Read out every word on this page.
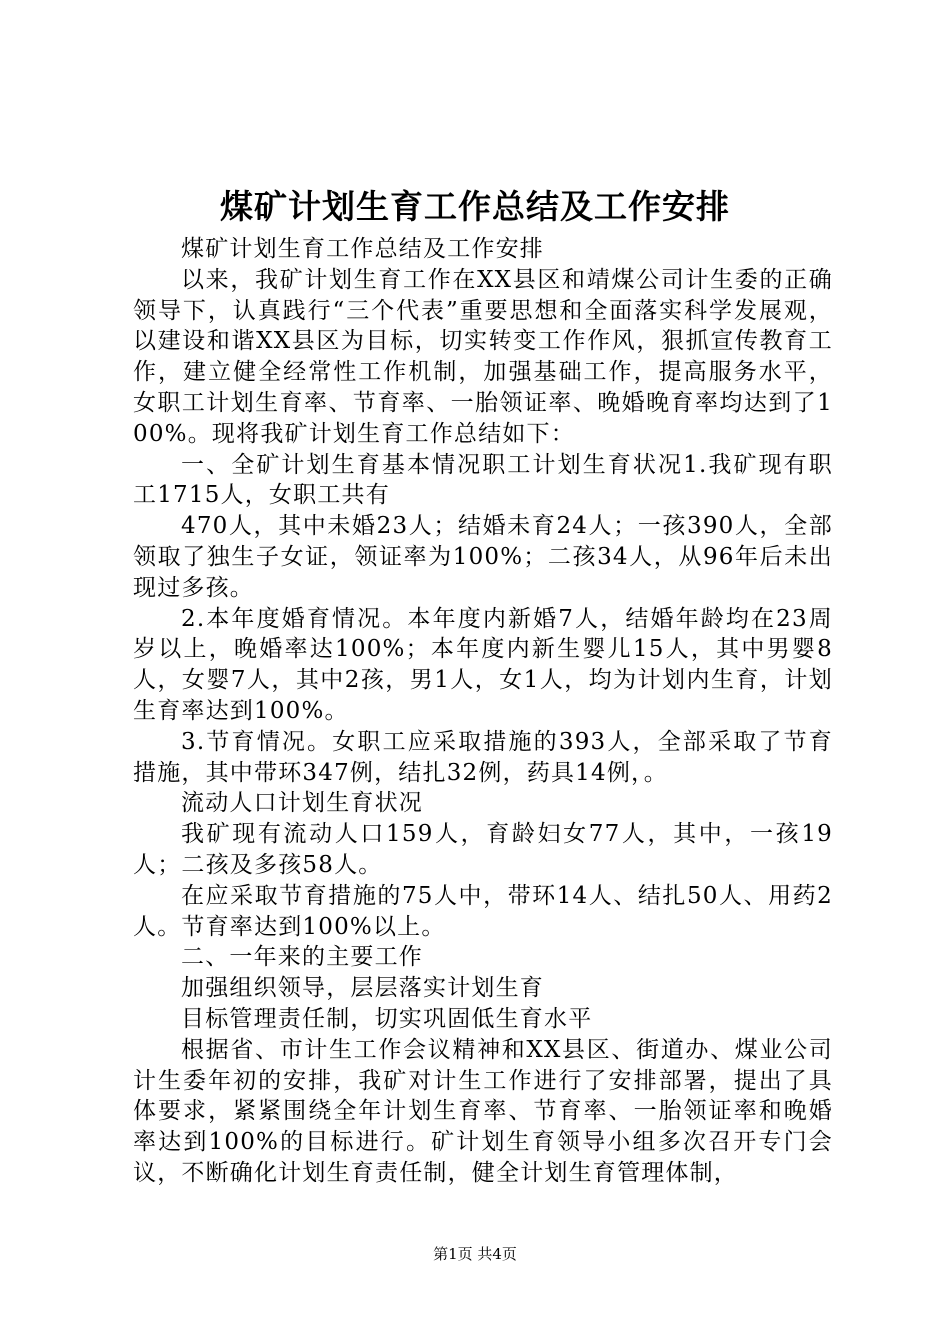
煤矿计划生育工作总结及工作安排

煤矿计划生育工作总结及工作安排

以来，我矿计划生育工作在XX县区和靖煤公司计生委的正确领导下，认真践行“三个代表”重要思想和全面落实科学发展观，以建设和谐XX县区为目标，切实转变工作作风，狠抓宣传教育工作，建立健全经常性工作机制，加强基础工作，提高服务水平，女职工计划生育率、节育率、一胎领证率、晚婚晚育率均达到了100%。现将我矿计划生育工作总结如下：

一、全矿计划生育基本情况职工计划生育状况1.我矿现有职工1715人，女职工共有

470人，其中未婚23人；结婚未育24人；一孩390人，全部领取了独生子女证，领证率为100%；二孩34人，从96年后未出现过多孩。

2.本年度婚育情况。本年度内新婚7人，结婚年龄均在23周岁以上，晚婚率达100%；本年度内新生婴儿15人，其中男婴8人，女婴7人，其中2孩，男1人，女1人，均为计划内生育，计划生育率达到100%。

3.节育情况。女职工应采取措施的393人，全部采取了节育措施，其中带环347例，结扎32例，药具14例，。

流动人口计划生育状况

我矿现有流动人口159人，育龄妇女77人，其中，一孩19人；二孩及多孩58人。

在应采取节育措施的75人中，带环14人、结扎50人、用药2人。节育率达到100%以上。

二、一年来的主要工作

加强组织领导，层层落实计划生育

目标管理责任制，切实巩固低生育水平

根据省、市计生工作会议精神和XX县区、街道办、煤业公司计生委年初的安排，我矿对计生工作进行了安排部署，提出了具体要求，紧紧围绕全年计划生育率、节育率、一胎领证率和晚婚率达到100%的目标进行。矿计划生育领导小组多次召开专门会议，不断确化计划生育责任制，健全计划生育管理体制，

第1页 共4页
